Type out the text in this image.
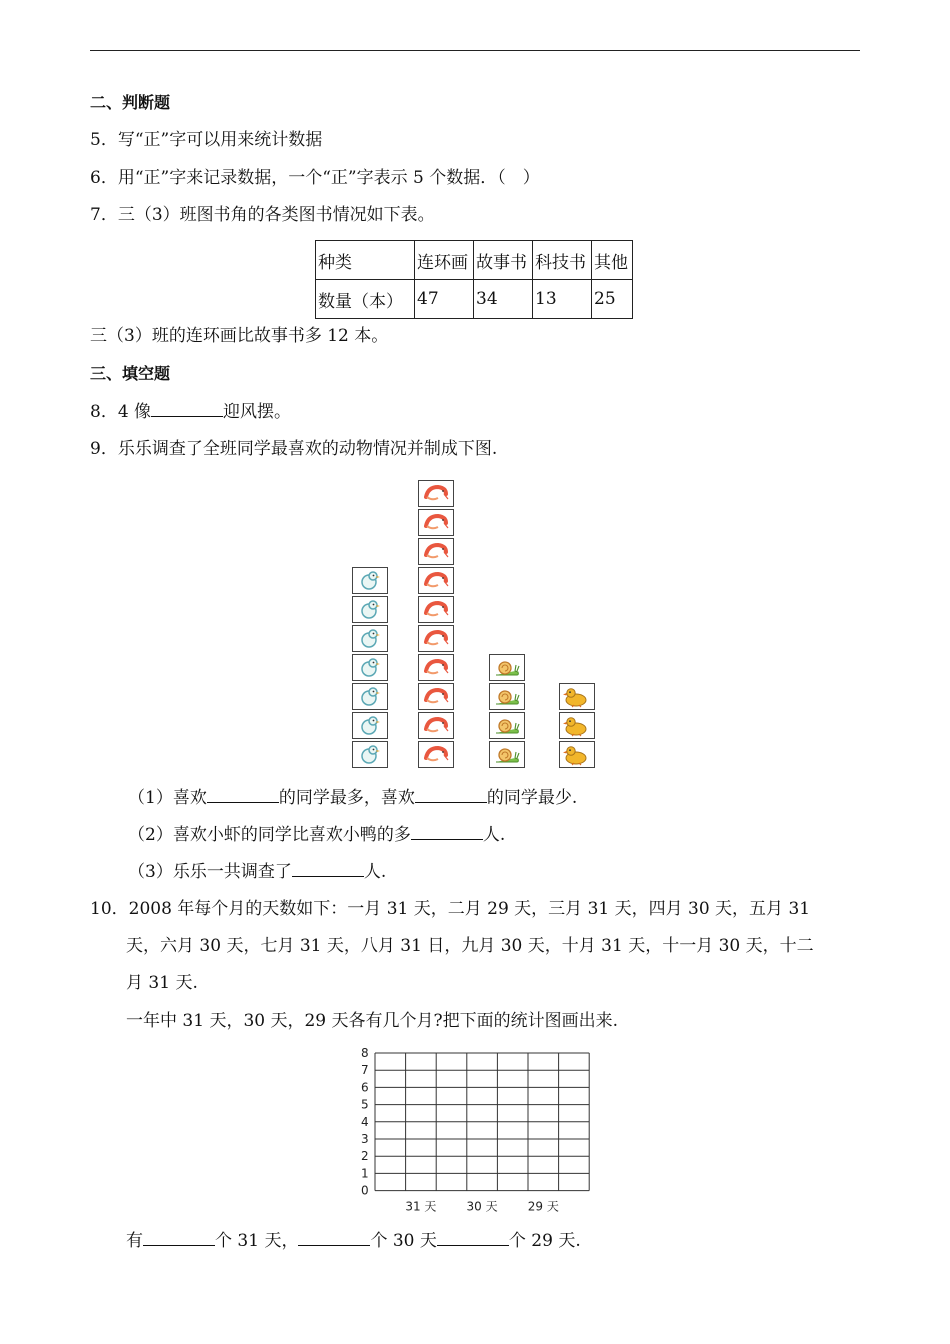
二、判断题
5．写“正”字可以用来统计数据
6．用“正”字来记录数据，一个“正”字表示 5 个数据．（　）
7．三（3）班图书角的各类图书情况如下表。
种类	连环画	故事书	科技书	其他
数量（本）	47	34	13	25
三（3）班的连环画比故事书多 12 本。
三、填空题
8．4 像	迎风摆。
9．乐乐调查了全班同学最喜欢的动物情况并制成下图.
（1）喜欢	的同学最多，喜欢	的同学最少.
（2）喜欢小虾的同学比喜欢小鸭的多	人.
（3）乐乐一共调查了	人.
10．2008 年每个月的天数如下：一月 31 天，二月 29 天，三月 31 天，四月 30 天，五月 31
天，六月 30 天，七月 31 天，八月 31 日，九月 30 天，十月 31 天，十一月 30 天，十二
月 31 天.
一年中 31 天，30 天，29 天各有几个月?把下面的统计图画出来.
8
7
6
5
4
3
2
1
0
31 天	30 天	29 天
有	个 31 天，	个 30 天	个 29 天.
